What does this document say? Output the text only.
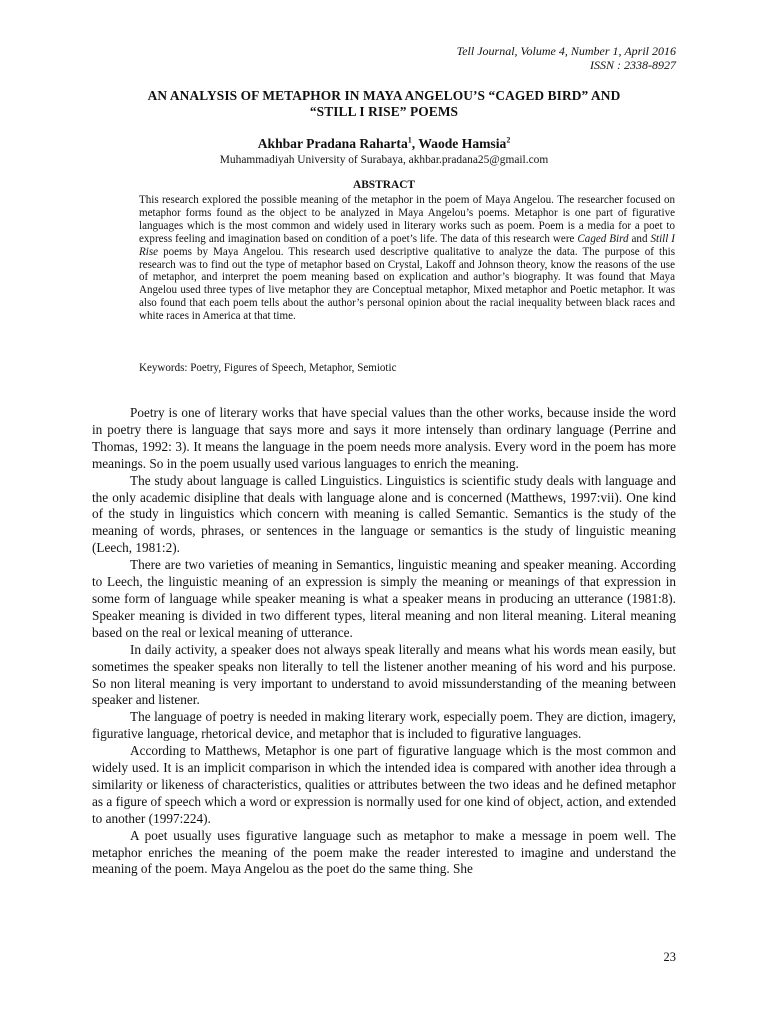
Tell Journal, Volume 4, Number 1, April 2016
ISSN : 2338-8927
AN ANALYSIS OF METAPHOR IN MAYA ANGELOU’S “CAGED BIRD” AND
“STILL I RISE” POEMS
Akhbar Pradana Raharta$^1$, Waode Hamsia$^2$
Muhammadiyah University of Surabaya, akhbar.pradana25@gmail.com
ABSTRACT
This research explored the possible meaning of the metaphor in the poem of Maya Angelou. The researcher focused on metaphor forms found as the object to be analyzed in Maya Angelou’s poems. Metaphor is one part of figurative languages which is the most common and widely used in literary works such as poem. Poem is a media for a poet to express feeling and imagination based on condition of a poet’s life. The data of this research were Caged Bird and Still I Rise poems by Maya Angelou. This research used descriptive qualitative to analyze the data. The purpose of this research was to find out the type of metaphor based on Crystal, Lakoff and Johnson theory, know the reasons of the use of metaphor, and interpret the poem meaning based on explication and author’s biography. It was found that Maya Angelou used three types of live metaphor they are Conceptual metaphor, Mixed metaphor and Poetic metaphor. It was also found that each poem tells about the author’s personal opinion about the racial inequality between black races and white races in America at that time.
Keywords: Poetry, Figures of Speech, Metaphor, Semiotic

Poetry is one of literary works that have special values than the other works, because inside the word in poetry there is language that says more and says it more intensely than ordinary language (Perrine and Thomas, 1992: 3). It means the language in the poem needs more analysis. Every word in the poem has more meanings. So in the poem usually used various languages to enrich the meaning.

The study about language is called Linguistics. Linguistics is scientific study deals with language and the only academic disipline that deals with language alone and is concerned (Matthews, 1997:vii). One kind of the study in linguistics which concern with meaning is called Semantic. Semantics is the study of the meaning of words, phrases, or sentences in the language or semantics is the study of linguistic meaning (Leech, 1981:2).

There are two varieties of meaning in Semantics, linguistic meaning and speaker meaning. According to Leech, the linguistic meaning of an expression is simply the meaning or meanings of that expression in some form of language while speaker meaning is what a speaker means in producing an utterance (1981:8). Speaker meaning is divided in two different types, literal meaning and non literal meaning. Literal meaning based on the real or lexical meaning of utterance.

In daily activity, a speaker does not always speak literally and means what his words mean easily, but sometimes the speaker speaks non literally to tell the listener another meaning of his word and his purpose. So non literal meaning is very important to understand to avoid missunderstanding of the meaning between speaker and listener.

The language of poetry is needed in making literary work, especially poem. They are diction, imagery, figurative language, rhetorical device, and metaphor that is included to figurative languages.

According to Matthews, Metaphor is one part of figurative language which is the most common and widely used. It is an implicit comparison in which the intended idea is compared with another idea through a similarity or likeness of characteristics, qualities or attributes between the two ideas and he defined metaphor as a figure of speech which a word or expression is normally used for one kind of object, action, and extended to another (1997:224).

A poet usually uses figurative language such as metaphor to make a message in poem well. The metaphor enriches the meaning of the poem make the reader interested to imagine and understand the meaning of the poem. Maya Angelou as the poet do the same thing. She

23
